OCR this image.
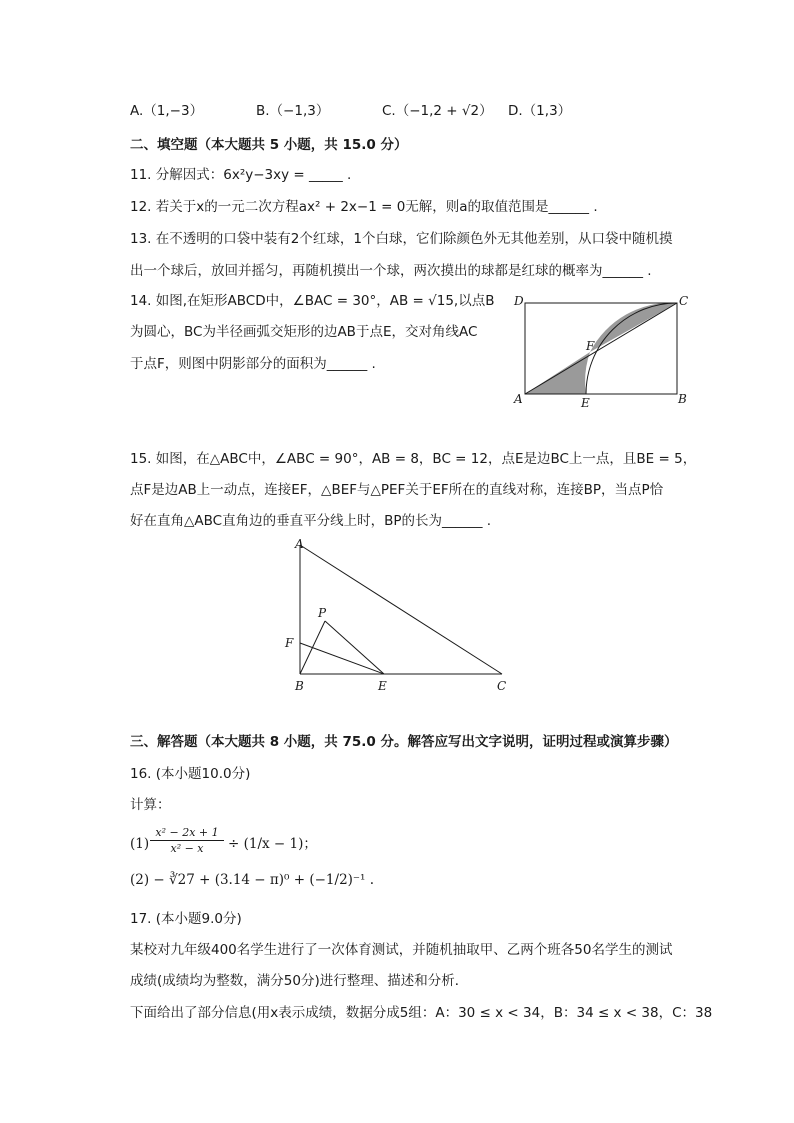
A.（1,−3）	B.（−1,3）	C.（−1,2 + √2） D.（1,3）
二、填空题（本大题共 5 小题，共 15.0 分）
11. 分解因式：6x²y−3xy = _____ .
12. 若关于x的一元二次方程ax² + 2x−1 = 0无解，则a的取值范围是______ .
13. 在不透明的口袋中装有2个红球，1个白球，它们除颜色外无其他差别，从口袋中随机摸
出一个球后，放回并摇匀，再随机摸出一个球，两次摸出的球都是红球的概率为______ .
14. 如图,在矩形ABCD中，∠BAC = 30°，AB = √15,以点B
为圆心，BC为半径画弧交矩形的边AB于点E，交对角线AC
于点F，则图中阴影部分的面积为______ .
D	C
F
A	E	B
15. 如图，在△ABC中，∠ABC = 90°，AB = 8，BC = 12，点E是边BC上一点，且BE = 5，
点F是边AB上一动点，连接EF，△BEF与△PEF关于EF所在的直线对称，连接BP，当点P恰
好在直角△ABC直角边的垂直平分线上时，BP的长为______ .
A
P
F
B	E	C
三、解答题（本大题共 8 小题，共 75.0 分。解答应写出文字说明，证明过程或演算步骤）
16. (本小题10.0分)
计算：
$(1) \frac{\text{x² − 2x + 1}}{\text{x² − x}} \div (1/x - 1)$；
(2) − ∛27 + (3.14 − π)⁰ + (−1/2)⁻¹ .
17. (本小题9.0分)
某校对九年级400名学生进行了一次体育测试，并随机抽取甲、乙两个班各50名学生的测试
成绩(成绩均为整数，满分50分)进行整理、描述和分析．
下面给出了部分信息(用x表示成绩，数据分成5组：A：30 ≤ x < 34，B：34 ≤ x < 38，C：38
